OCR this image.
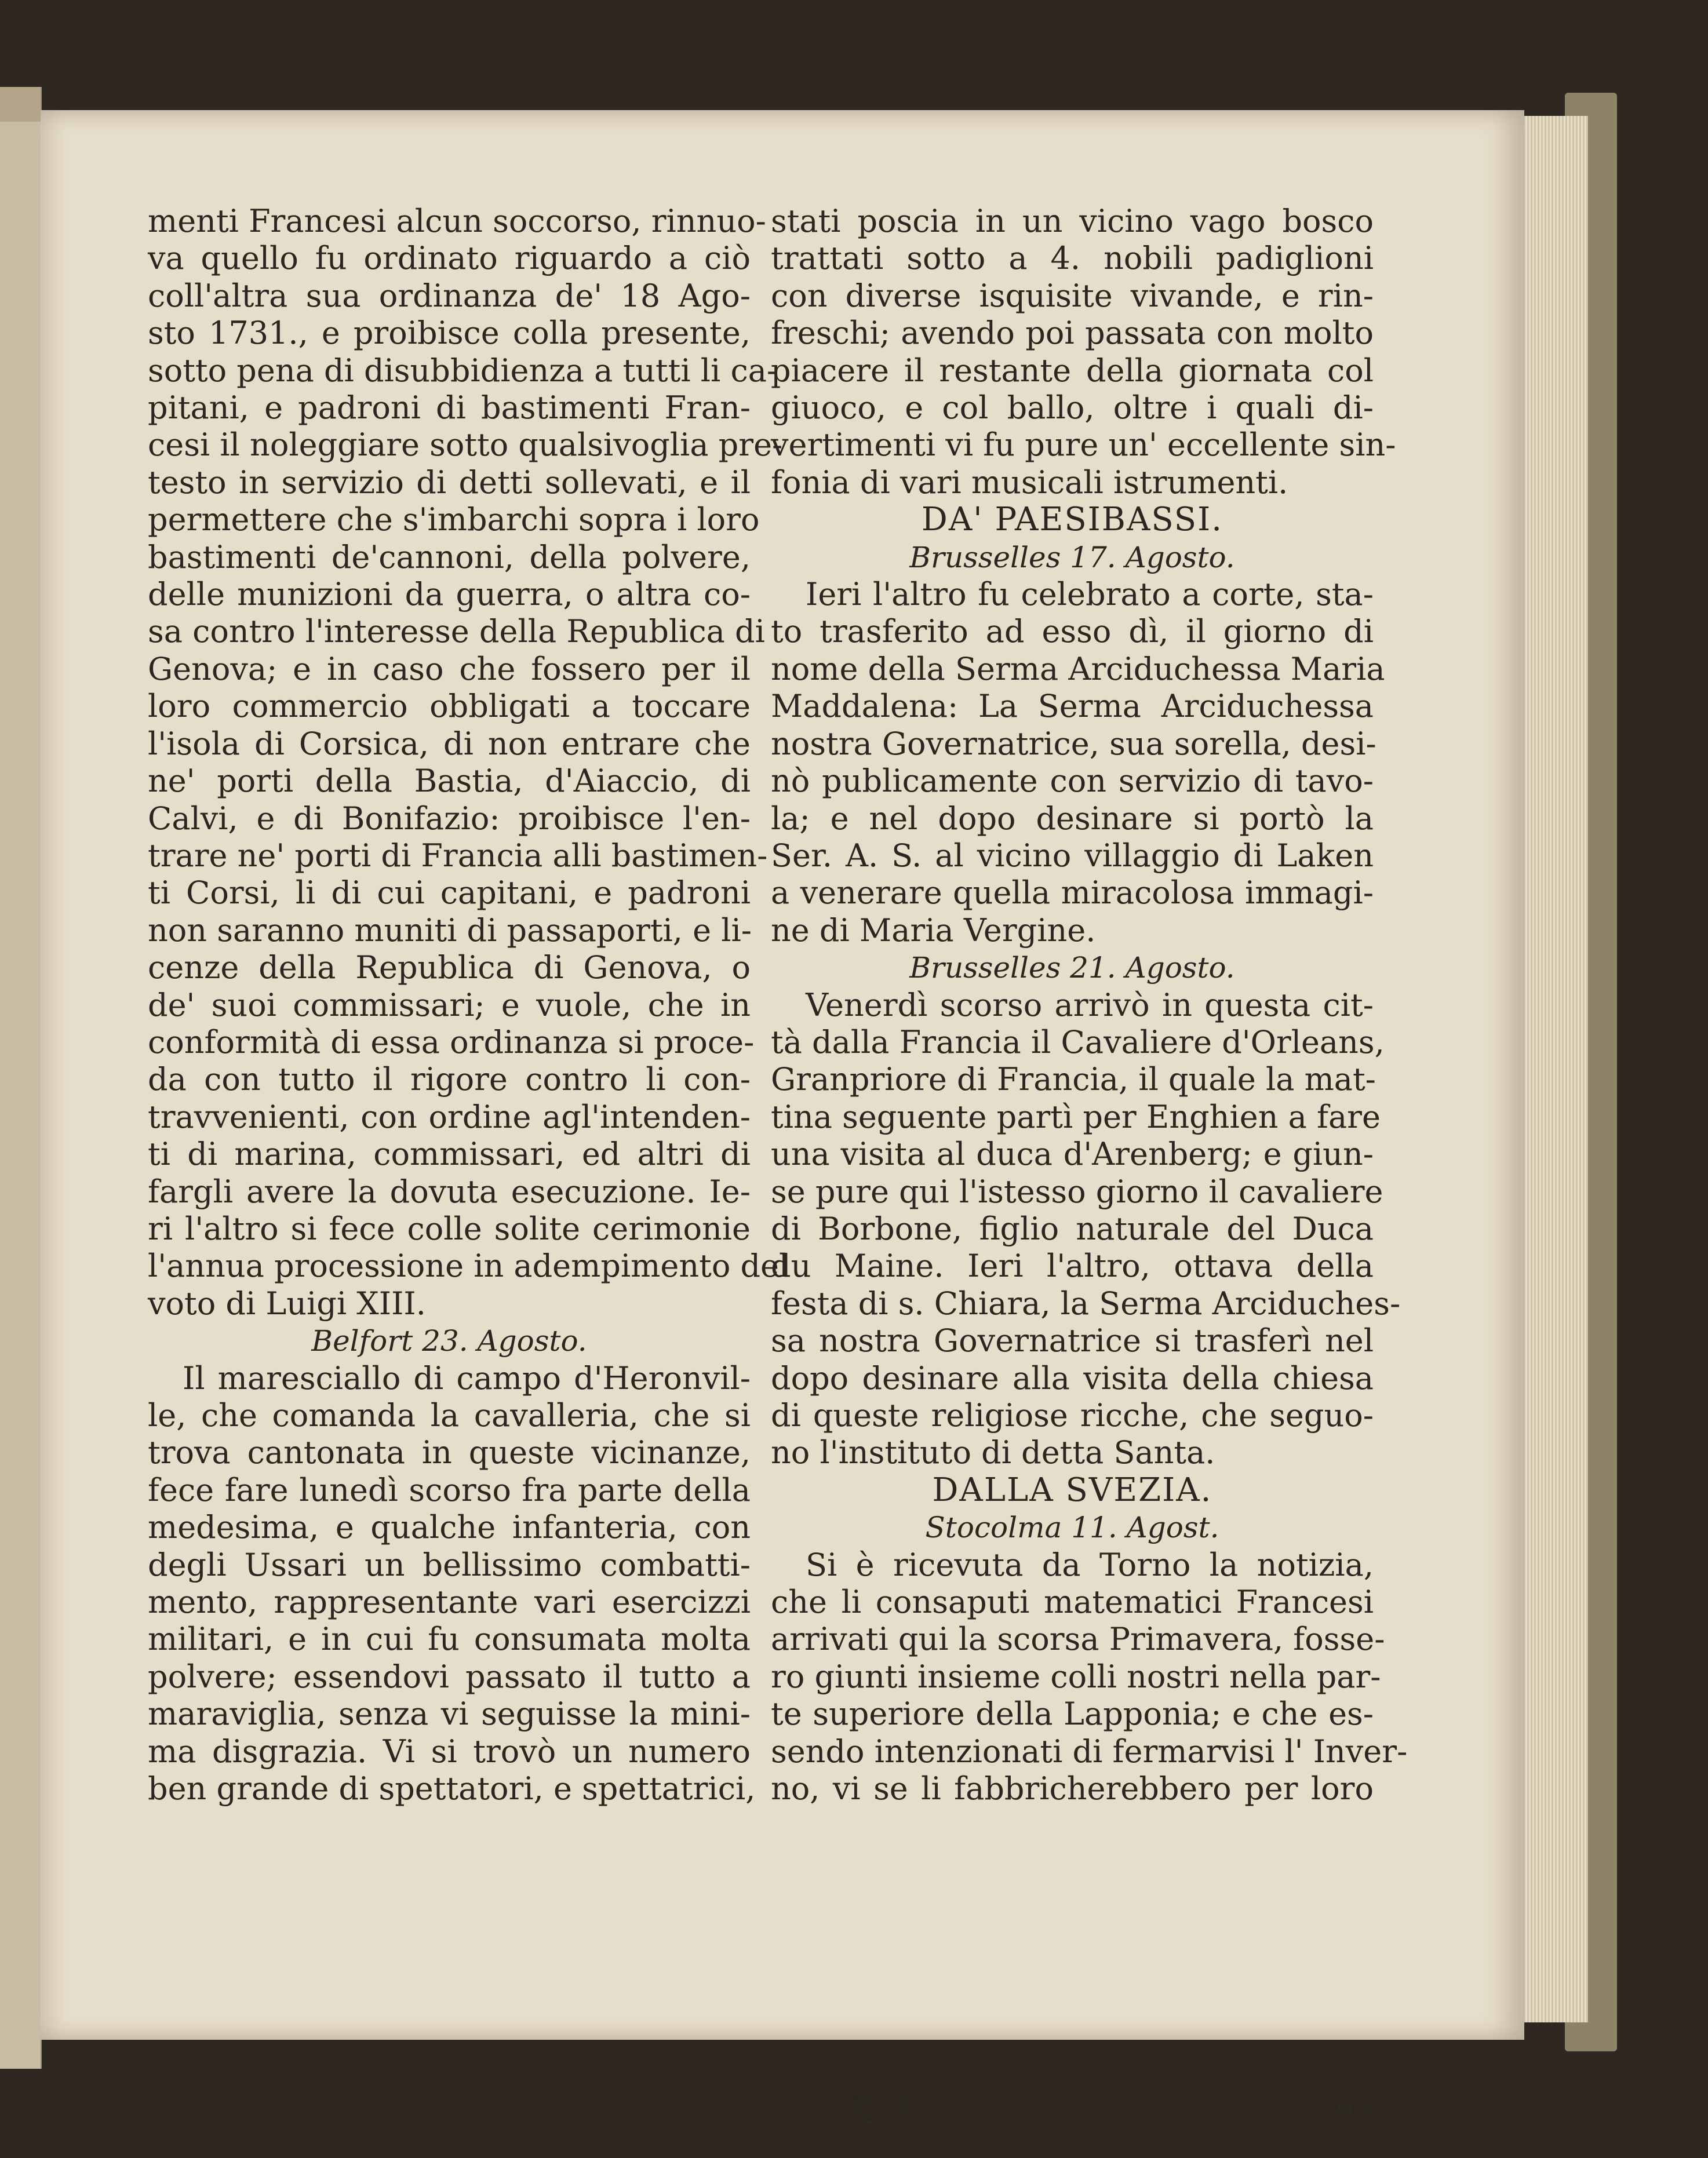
menti Francesi alcun soccorso, rinnuo-
va quello fu ordinato riguardo a ciò
coll'altra sua ordinanza de' 18 Ago-
sto 1731., e proibisce colla presente,
sotto pena di disubbidienza a tutti li ca-
pitani, e padroni di bastimenti Fran-
cesi il noleggiare sotto qualsivoglia pre-
testo in servizio di detti sollevati, e il
permettere che s'imbarchi sopra i loro
bastimenti de'cannoni, della polvere,
delle munizioni da guerra, o altra co-
sa contro l'interesse della Republica di
Genova; e in caso che fossero per il
loro commercio obbligati a toccare
l'isola di Corsica, di non entrare che
ne' porti della Bastia, d'Aiaccio, di
Calvi, e di Bonifazio: proibisce l'en-
trare ne' porti di Francia alli bastimen-
ti Corsi, li di cui capitani, e padroni
non saranno muniti di passaporti, e li-
cenze della Republica di Genova, o
de' suoi commissari; e vuole, che in
conformità di essa ordinanza si proce-
da con tutto il rigore contro li con-
travvenienti, con ordine agl'intenden-
ti di marina, commissari, ed altri di
fargli avere la dovuta esecuzione. Ie-
ri l'altro si fece colle solite cerimonie
l'annua processione in adempimento del
voto di Luigi XIII.

Belfort 23. Agosto.

Il maresciallo di campo d'Heronvil-
le, che comanda la cavalleria, che si
trova cantonata in queste vicinanze,
fece fare lunedì scorso fra parte della
medesima, e qualche infanteria, con
degli Ussari un bellissimo combatti-
mento, rappresentante vari esercizzi
militari, e in cui fu consumata molta
polvere; essendovi passato il tutto a
maraviglia, senza vi seguisse la mini-
ma disgrazia. Vi si trovò un numero
ben grande di spettatori, e spettatrici,

stati poscia in un vicino vago bosco
trattati sotto a 4. nobili padiglioni
con diverse isquisite vivande, e rin-
freschi; avendo poi passata con molto
piacere il restante della giornata col
giuoco, e col ballo, oltre i quali di-
vertimenti vi fu pure un' eccellente sin-
fonia di vari musicali istrumenti.

DA' PAESIBASSI.
Brusselles 17. Agosto.

Ieri l'altro fu celebrato a corte, sta-
to trasferito ad esso dì, il giorno di
nome della Serma Arciduchessa Maria
Maddalena: La Serma Arciduchessa
nostra Governatrice, sua sorella, desi-
nò publicamente con servizio di tavo-
la; e nel dopo desinare si portò la
Ser. A. S. al vicino villaggio di Laken
a venerare quella miracolosa immagi-
ne di Maria Vergine.

Brusselles 21. Agosto.

Venerdì scorso arrivò in questa cit-
tà dalla Francia il Cavaliere d'Orleans,
Granpriore di Francia, il quale la mat-
tina seguente partì per Enghien a fare
una visita al duca d'Arenberg; e giun-
se pure qui l'istesso giorno il cavaliere
di Borbone, figlio naturale del Duca
du Maine. Ieri l'altro, ottava della
festa di s. Chiara, la Serma Arciduches-
sa nostra Governatrice si trasferì nel
dopo desinare alla visita della chiesa
di queste religiose ricche, che seguo-
no l'instituto di detta Santa.

DALLA SVEZIA.
Stocolma 11. Agost.

Si è ricevuta da Torno la notizia,
che li consaputi matematici Francesi
arrivati qui la scorsa Primavera, fosse-
ro giunti insieme colli nostri nella par-
te superiore della Lapponia; e che es-
sendo intenzionati di fermarvisi l' Inver-
no, vi se li fabbricherebbero per loro

X 3	co
